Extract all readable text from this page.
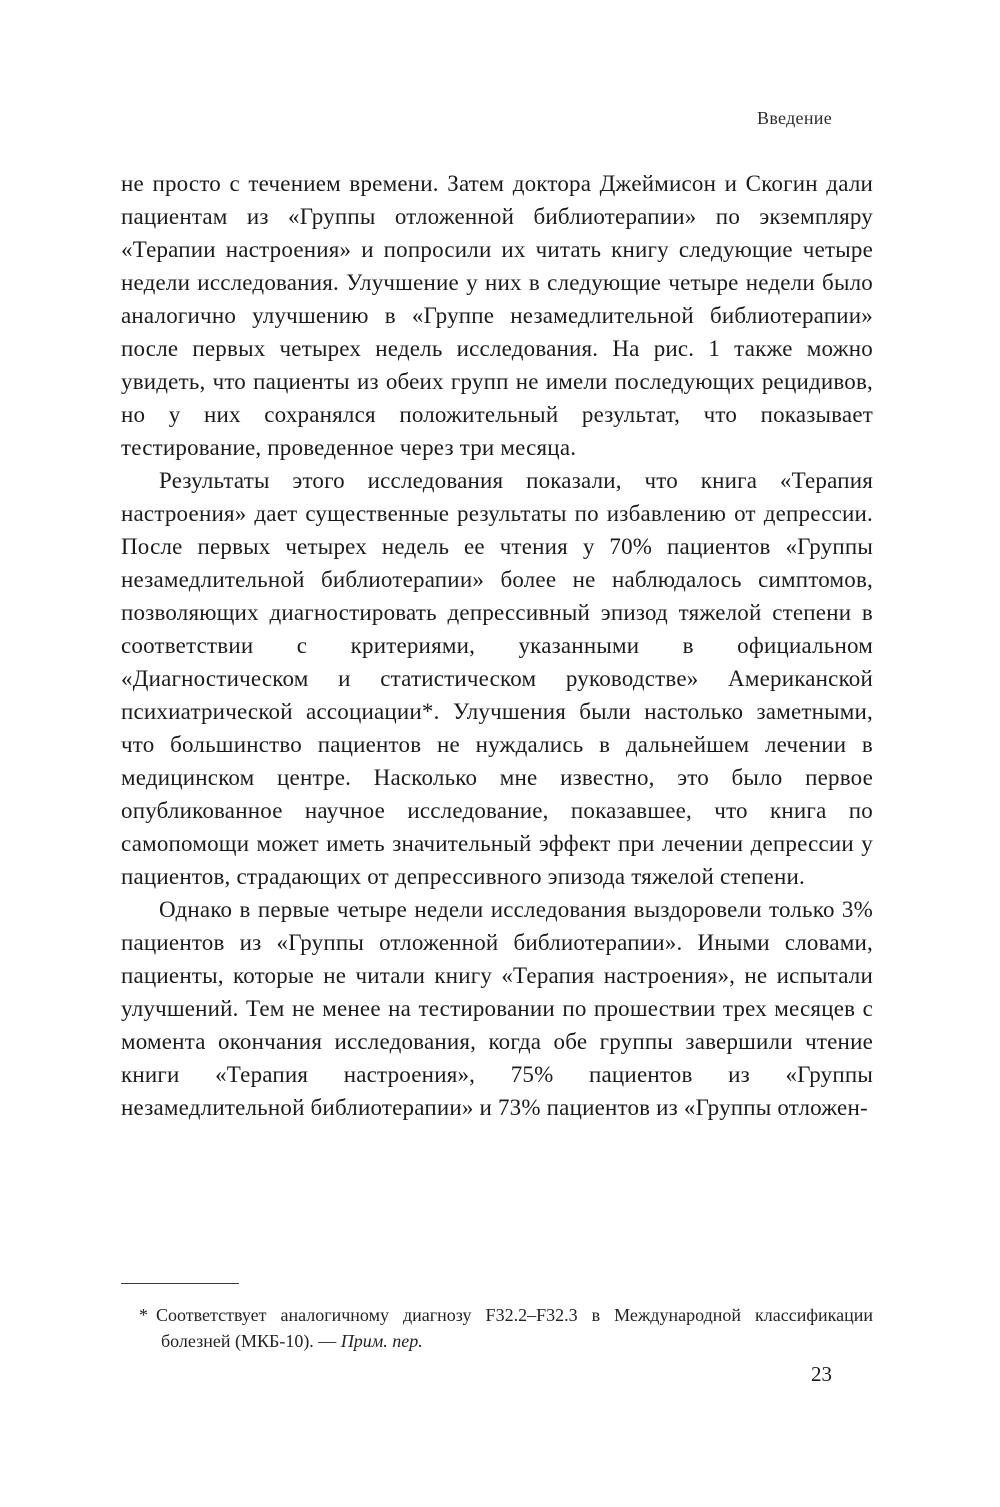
Введение

не просто с течением времени. Затем доктора Джеймисон и Скогин дали пациентам из «Группы отложенной библиотерапии» по экземпляру «Терапии настроения» и попросили их читать книгу следующие четыре недели исследования. Улучшение у них в следующие четыре недели было аналогично улучшению в «Группе незамедлительной библиотерапии» после первых четырех недель исследования. На рис. 1 также можно увидеть, что пациенты из обеих групп не имели последующих рецидивов, но у них сохранялся положительный результат, что показывает тестирование, проведенное через три месяца.

Результаты этого исследования показали, что книга «Терапия настроения» дает существенные результаты по избавлению от депрессии. После первых четырех недель ее чтения у 70% пациентов «Группы незамедлительной библиотерапии» более не наблюдалось симптомов, позволяющих диагностировать депрессивный эпизод тяжелой степени в соответствии с критериями, указанными в официальном «Диагностическом и статистическом руководстве» Американской психиатрической ассоциации*. Улучшения были настолько заметными, что большинство пациентов не нуждались в дальнейшем лечении в медицинском центре. Насколько мне известно, это было первое опубликованное научное исследование, показавшее, что книга по самопомощи может иметь значительный эффект при лечении депрессии у пациентов, страдающих от депрессивного эпизода тяжелой степени.

Однако в первые четыре недели исследования выздоровели только 3% пациентов из «Группы отложенной библиотерапии». Иными словами, пациенты, которые не читали книгу «Терапия настроения», не испытали улучшений. Тем не менее на тестировании по прошествии трех месяцев с момента окончания исследования, когда обе группы завершили чтение книги «Терапия настроения», 75% пациентов из «Группы незамедлительной библиотерапии» и 73% пациентов из «Группы отложен-

* Соответствует аналогичному диагнозу F32.2–F32.3 в Международной классификации болезней (МКБ-10). — Прим. пер.

23
